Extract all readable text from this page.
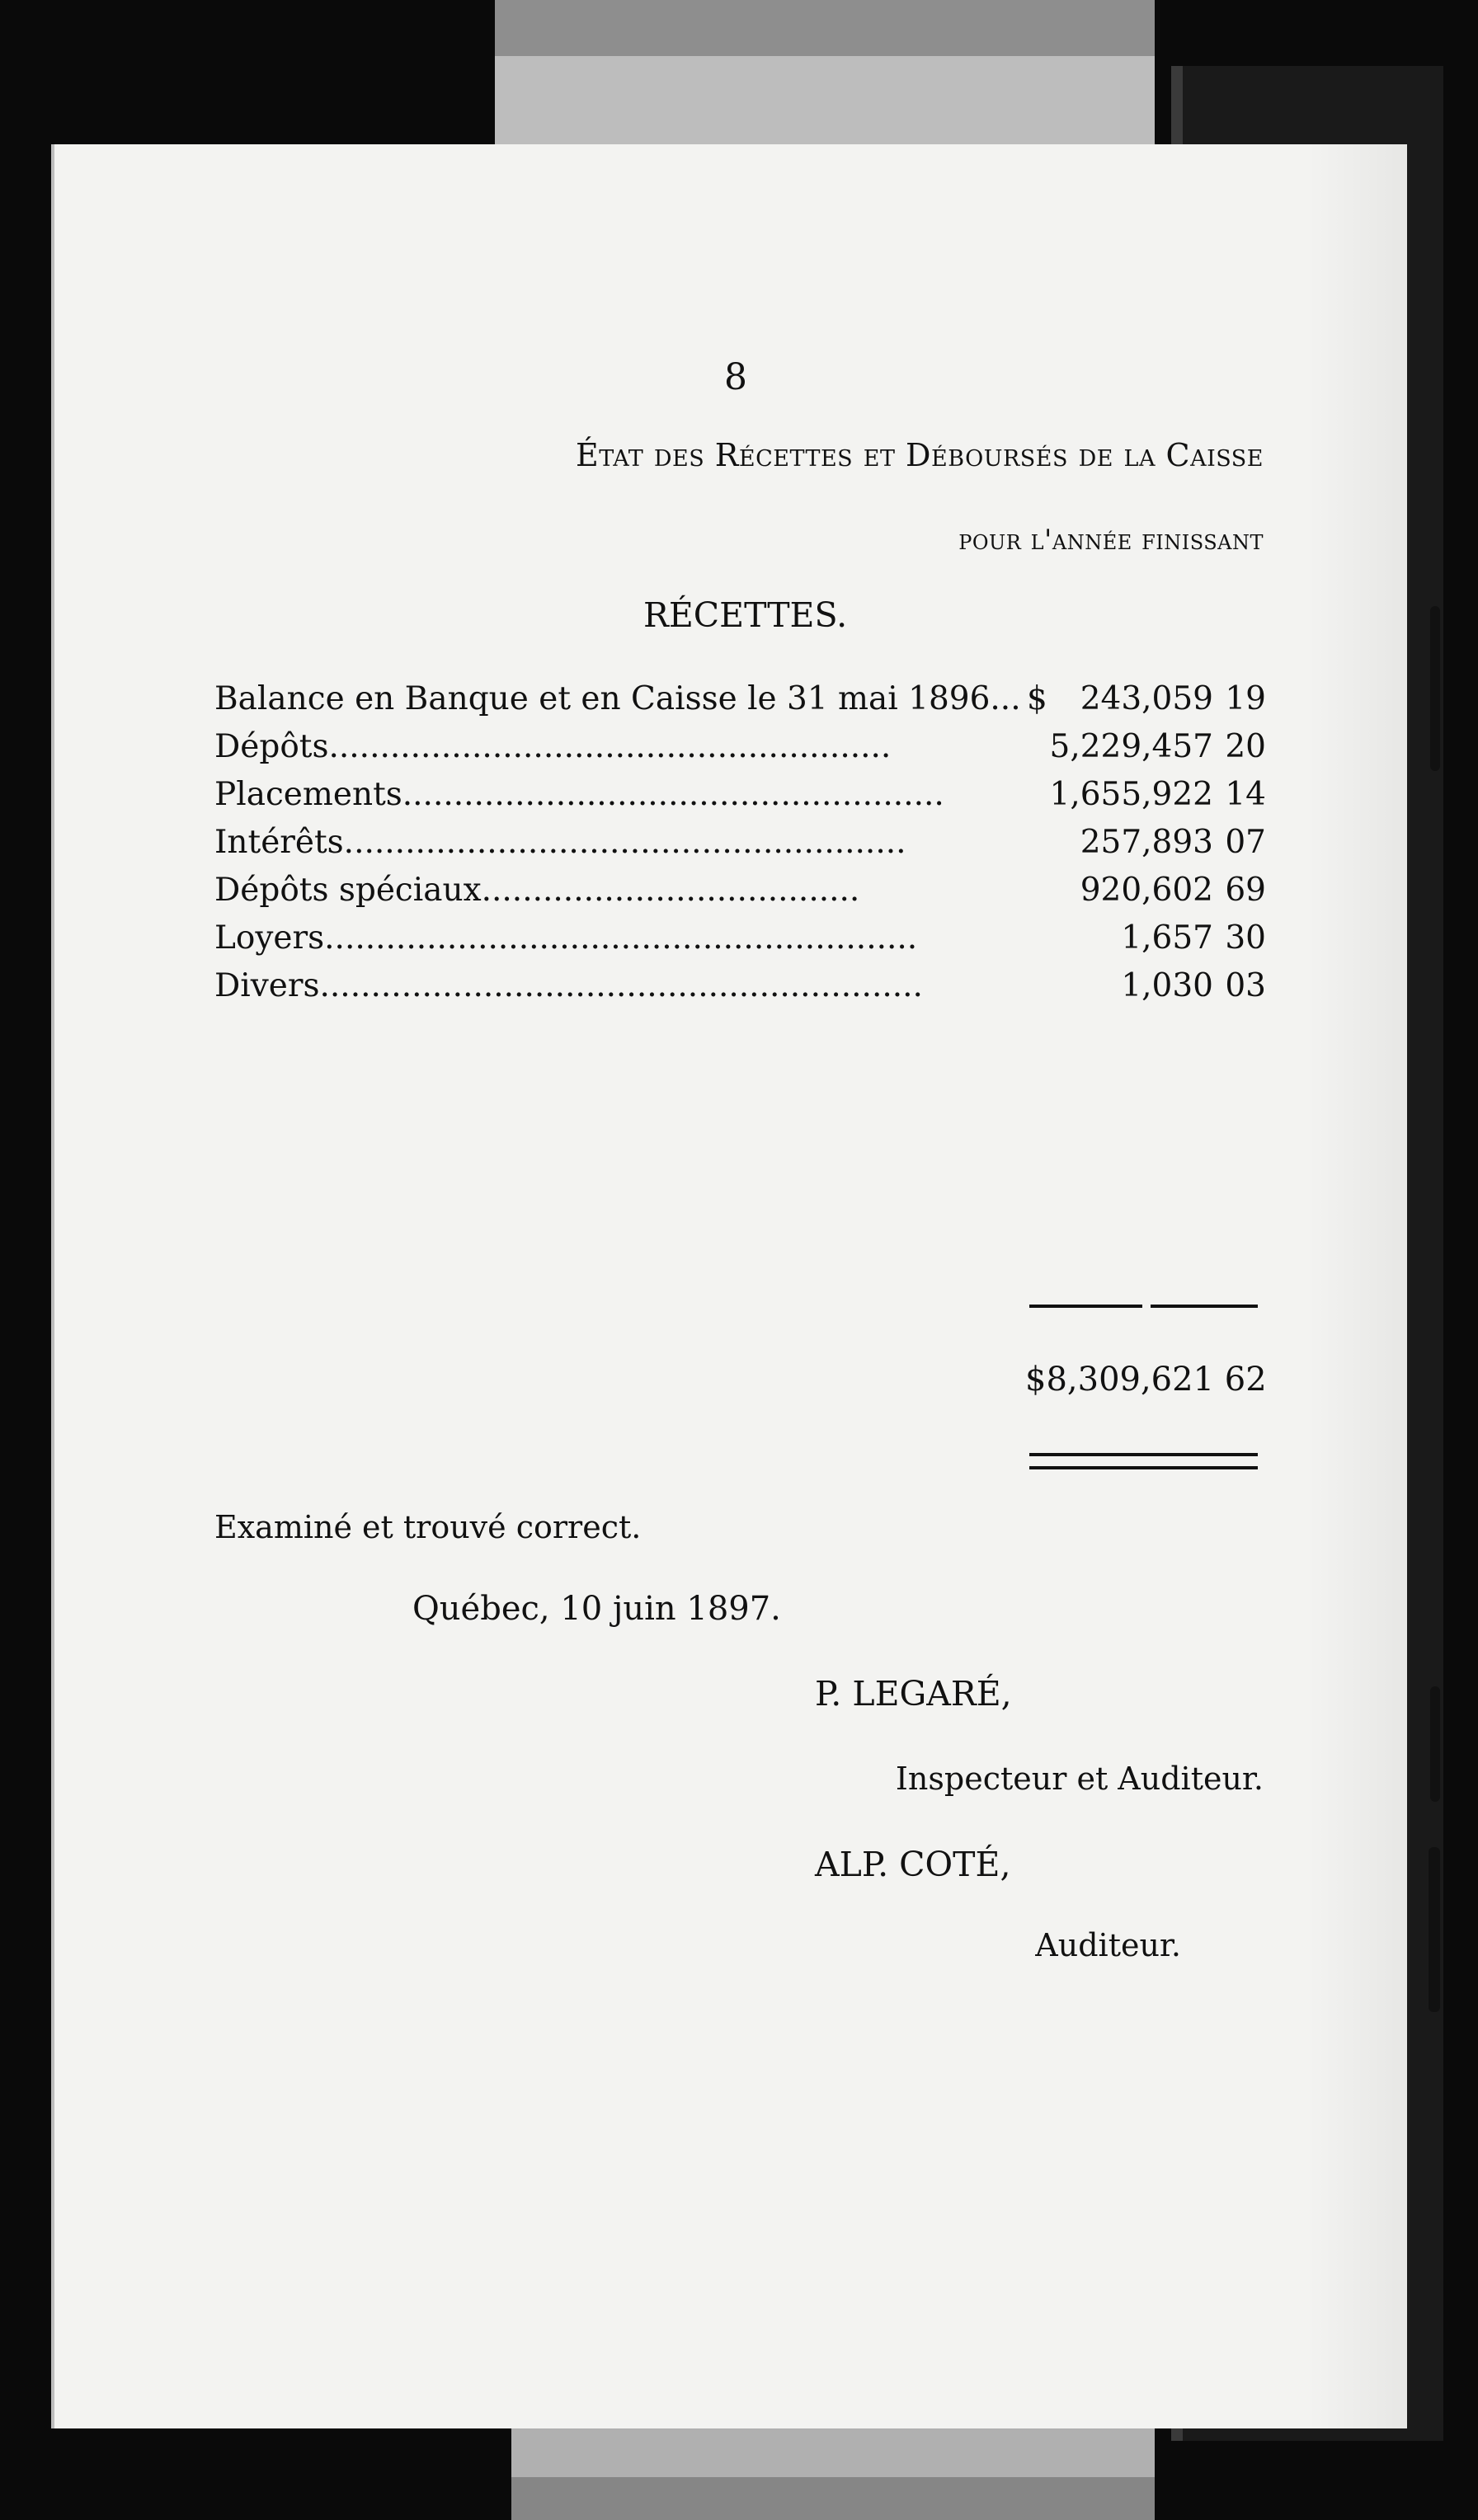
8
État des Récettes et Déboursés de la Caisse
pour l'année finissant
RÉCETTES.
Balance en Banque et en Caisse le 31 mai 1896... $ 243,059 19
Dépôts.......................................................	5,229,457 20
Placements.....................................................	1,655,922 14
Intérêts.......................................................	257,893 07
Dépôts spéciaux.....................................	920,602 69
Loyers..........................................................	1,657 30
Divers...........................................................	1,030 03
$8,309,621 62
Examiné et trouvé correct.
Québec, 10 juin 1897.
P. LEGARÉ,
Inspecteur et Auditeur.
ALP. COTÉ,
Auditeur.
